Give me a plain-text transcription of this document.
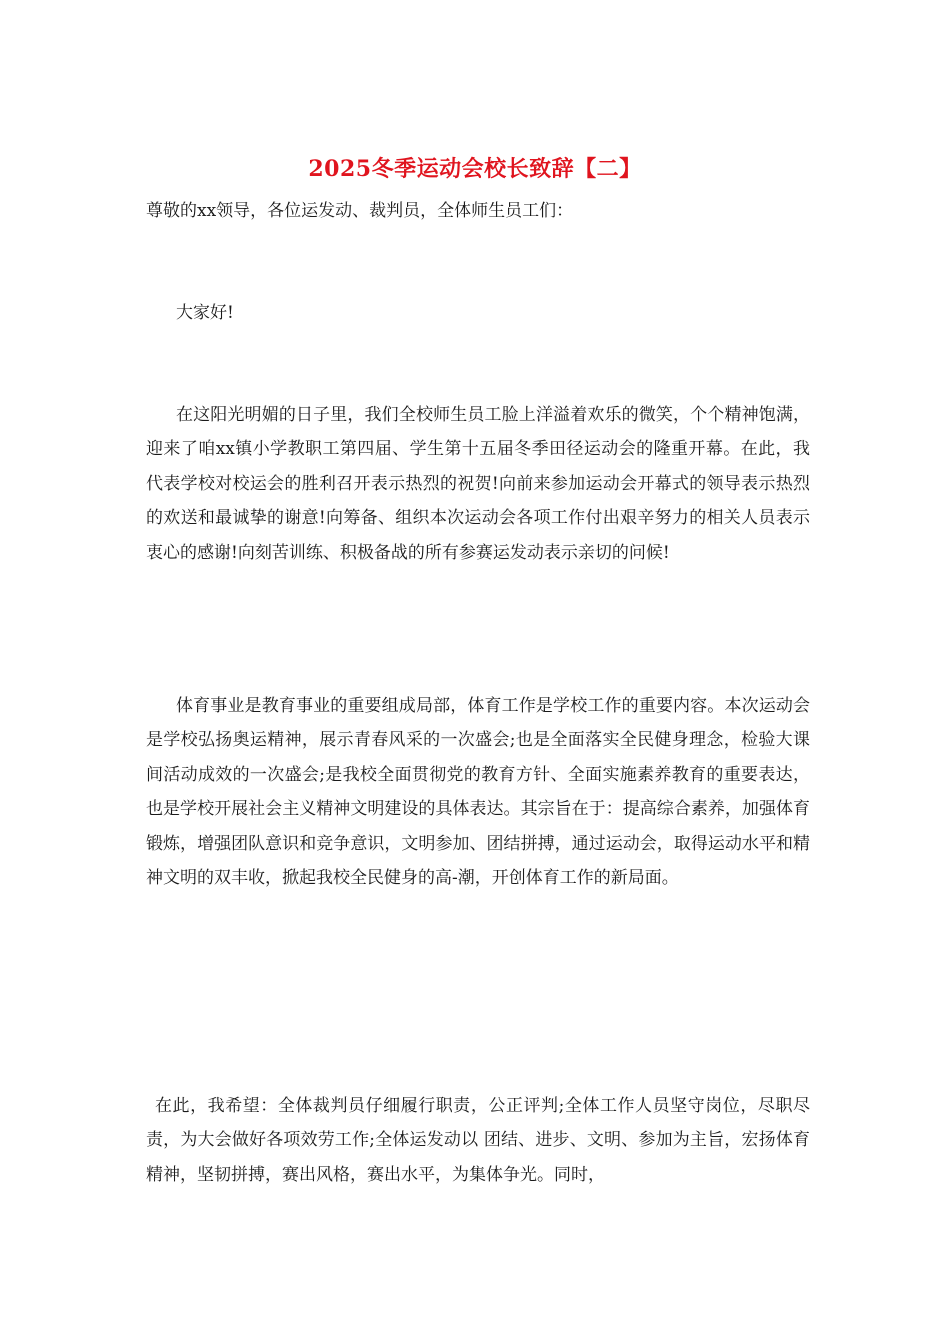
2025冬季运动会校长致辞【二】

尊敬的xx领导，各位运发动、裁判员，全体师生员工们：

大家好!

在这阳光明媚的日子里，我们全校师生员工脸上洋溢着欢乐的微笑，个个精神饱满，迎来了咱xx镇小学教职工第四届、学生第十五届冬季田径运动会的隆重开幕。在此，我代表学校对校运会的胜利召开表示热烈的祝贺!向前来参加运动会开幕式的领导表示热烈的欢送和最诚挚的谢意!向筹备、组织本次运动会各项工作付出艰辛努力的相关人员表示衷心的感谢!向刻苦训练、积极备战的所有参赛运发动表示亲切的问候!

体育事业是教育事业的重要组成局部，体育工作是学校工作的重要内容。本次运动会是学校弘扬奥运精神，展示青春风采的一次盛会;也是全面落实全民健身理念，检验大课间活动成效的一次盛会;是我校全面贯彻党的教育方针、全面实施素养教育的重要表达，也是学校开展社会主义精神文明建设的具体表达。其宗旨在于：提高综合素养，加强体育锻炼，增强团队意识和竞争意识，文明参加、团结拼搏，通过运动会，取得运动水平和精神文明的双丰收，掀起我校全民健身的高-潮，开创体育工作的新局面。

在此，我希望：全体裁判员仔细履行职责，公正评判;全体工作人员坚守岗位，尽职尽责，为大会做好各项效劳工作;全体运发动以 团结、进步、文明、参加为主旨，宏扬体育精神，坚韧拼搏，赛出风格，赛出水平，为集体争光。同时，
